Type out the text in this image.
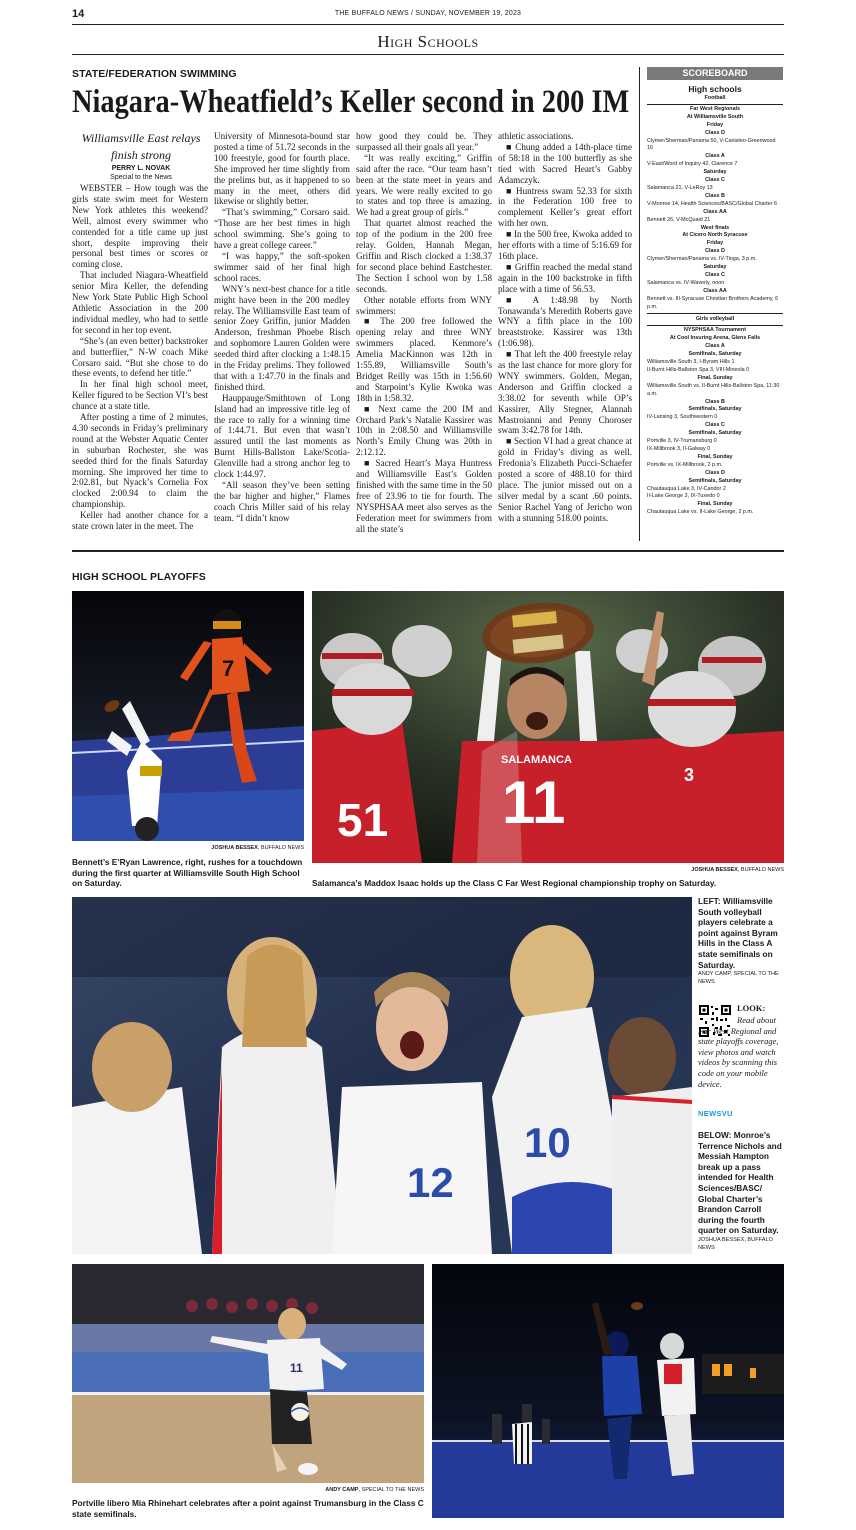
14	THE BUFFALO NEWS / SUNDAY, NOVEMBER 19, 2023
High Schools
STATE/FEDERATION SWIMMING
Niagara-Wheatfield’s Keller second in 200 IM
Williamsville East relays finish strong
PERRY L. NOVAK
Special to the News

WEBSTER – How tough was the girls state swim meet for Western New York athletes this weekend? Well, almost every swimmer who contended for a title came up just short, despite improving their personal best times or scores or coming close.

That included Niagara-Wheatfield senior Mira Keller, the defending New York State Public High School Athletic Association in the 200 individual medley, who had to settle for second in her top event.

“She’s (an even better) backstroker and butterflier,” N-W coach Mike Corsaro said. “But she chose to do these events, to defend her title.”

In her final high school meet, Keller figured to be Section VI’s best chance at a state title.

After posting a time of 2 minutes, 4.30 seconds in Friday’s preliminary round at the Webster Aquatic Center in suburban Rochester, she was seeded third for the finals Saturday morning. She improved her time to 2:02.81, but Nyack’s Cornelia Fox clocked 2:00.94 to claim the championship.

Keller had another chance for a state crown later in the meet. The

University of Minnesota-bound star posted a time of 51.72 seconds in the 100 freestyle, good for fourth place. She improved her time slightly from the prelims but, as it happened to so many in the meet, others did likewise or slightly better.

“That’s swimming,” Corsaro said. “Those are her best times in high school swimming. She’s going to have a great college career.”

“I was happy,” the soft-spoken swimmer said of her final high school races.

WNY’s next-best chance for a title might have been in the 200 medley relay. The Williamsville East team of senior Zoey Griffin, junior Madden Anderson, freshman Phoebe Risch and sophomore Lauren Golden were seeded third after clocking a 1:48.15 in the Friday prelims. They followed that with a 1:47.70 in the finals and finished third.

Hauppauge/Smithtown of Long Island had an impressive title leg of the race to rally for a winning time of 1:44.71. But even that wasn’t assured until the last moments as Burnt Hills-Ballston Lake/Scotia-Glenville had a strong anchor leg to clock 1:44.97.

“All season they’ve been setting the bar higher and higher,” Flames coach Chris Miller said of his relay team. “I didn’t know

how good they could be. They surpassed all their goals all year.”

“It was really exciting,” Griffin said after the race. “Our team hasn’t been at the state meet in years and years. We were really excited to go to states and top three is amazing. We had a great group of girls.”

That quartet almost reached the top of the podium in the 200 free relay. Golden, Hannah Megan, Griffin and Risch clocked a 1:38.37 for second place behind Eastchester. The Section I school won by 1.58 seconds.

Other notable efforts from WNY swimmers:

■ The 200 free followed the opening relay and three WNY swimmers placed. Kenmore’s Amelia MacKinnon was 12th in 1:55.89, Williamsville South’s Bridget Reilly was 15th in 1:56.60 and Starpoint’s Kylie Kwoka was 18th in 1:58.32.

■ Next came the 200 IM and Orchard Park’s Natalie Kassirer was 10th in 2:08.50 and Williamsville North’s Emily Chung was 20th in 2:12.12.

■ Sacred Heart’s Maya Huntress and Williamsville East’s Golden finished with the same time in the 50 free of 23.96 to tie for fourth. The NYSPHSAA meet also serves as the Federation meet for swimmers from all the state’s

athletic associations.

■ Chung added a 14th-place time of 58:18 in the 100 butterfly as she tied with Sacred Heart’s Gabby Adamczyk.

■ Huntress swam 52.33 for sixth in the Federation 100 free to complement Keller’s great effort with her own.

■ In the 500 free, Kwoka added to her efforts with a time of 5:16.69 for 16th place.

■ Griffin reached the medal stand again in the 100 backstroke in fifth place with a time of 56.53.

■ A 1:48.98 by North Tonawanda’s Meredith Roberts gave WNY a fifth place in the 100 breaststroke. Kassirer was 13th (1:06.98).

■ That left the 400 freestyle relay as the last chance for more glory for WNY swimmers. Golden, Megan, Anderson and Griffin clocked a 3:38.02 for seventh while OP’s Kassirer, Ally Stegner, Alannah Mastroianni and Penny Choroser swam 3:42.78 for 14th.

■ Section VI had a great chance at gold in Friday’s diving as well. Fredonia’s Elizabeth Pucci-Schaefer posted a score of 488.10 for third place. The junior missed out on a silver medal by a scant .60 points. Senior Rachel Yang of Jericho won with a stunning 518.00 points.

SCOREBOARD
High schools
Football
Far West Regionals
At Williamsville South
Friday
Class D
Clymer/Sherman/Panama 50, V-Canisteo-Greenwood 16
Class A
V-East/Word of Inquiry 42, Clarence 7
Saturday
Class C
Salamanca 21, V-LeRoy 13
Class B
V-Monroe 14, Health Sciences/BASC/Global Charter 6
Class AA
Bennett 26, V-McQuaid 21
West finals
At Cicero North Syracuse
Friday
Class D
Clymer/Sherman/Panama vs. IV-Tioga, 3 p.m.
Saturday
Class C
Salamanca vs. IV-Waverly, noon
Class AA
Bennett vs. III-Syracuse Christian Brothers Academy, 6 p.m.
Girls volleyball
NYSPHSAA Tournament
At Cool Insuring Arena, Glens Falls
Class A
Semifinals, Saturday
Williamsville South 3, I-Byram Hills 1
II-Burnt Hills-Ballston Spa 3, VIII-Mineola 0
Final, Sunday
Williamsville South vs. II-Burnt Hills-Ballston Spa, 11:30 a.m.
Class B
Semifinals, Saturday
IV-Lansing 3, Southwestern 0
Class C
Semifinals, Saturday
Portville 3, IV-Trumansburg 0
IX-Millbrook 3, II-Galway 0
Final, Sunday
Portville vs. IX-Millbrook, 2 p.m.
Class D
Semifinals, Saturday
Chautauqua Lake 3, IV-Candor 2
II-Lake George 3, IX-Tuxedo 0
Final, Sunday
Chautauqua Lake vs. II-Lake George, 2 p.m.
HIGH SCHOOL PLAYOFFS
7
JOSHUA BESSEX, BUFFALO NEWS
Bennett’s E’Ryan Lawrence, right, rushes for a touchdown during the first quarter at Williamsville South High School on Saturday.
51
3
SALAMANCA
11
JOSHUA BESSEX, BUFFALO NEWS
Salamanca’s Maddox Isaac holds up the Class C Far West Regional championship trophy on Saturday.
12
10
LEFT: Williamsville South volleyball players celebrate a point against Byram Hills in the Class A state semifinals on Saturday.
ANDY CAMP, SPECIAL TO THE NEWS
LOOK:
Read about Far West Regional and state playoffs coverage, view photos and watch videos by scanning this code on your mobile device.
NEWSVU
BELOW: Monroe’s Terrence Nichols and Messiah Hampton break up a pass intended for Health Sciences/BASC/ Global Charter’s Brandon Carroll during the fourth quarter on Saturday.
JOSHUA BESSEX, BUFFALO NEWS
11
ANDY CAMP, SPECIAL TO THE NEWS
Portville libero Mia Rhinehart celebrates after a point against Trumansburg in the Class C state semifinals.
